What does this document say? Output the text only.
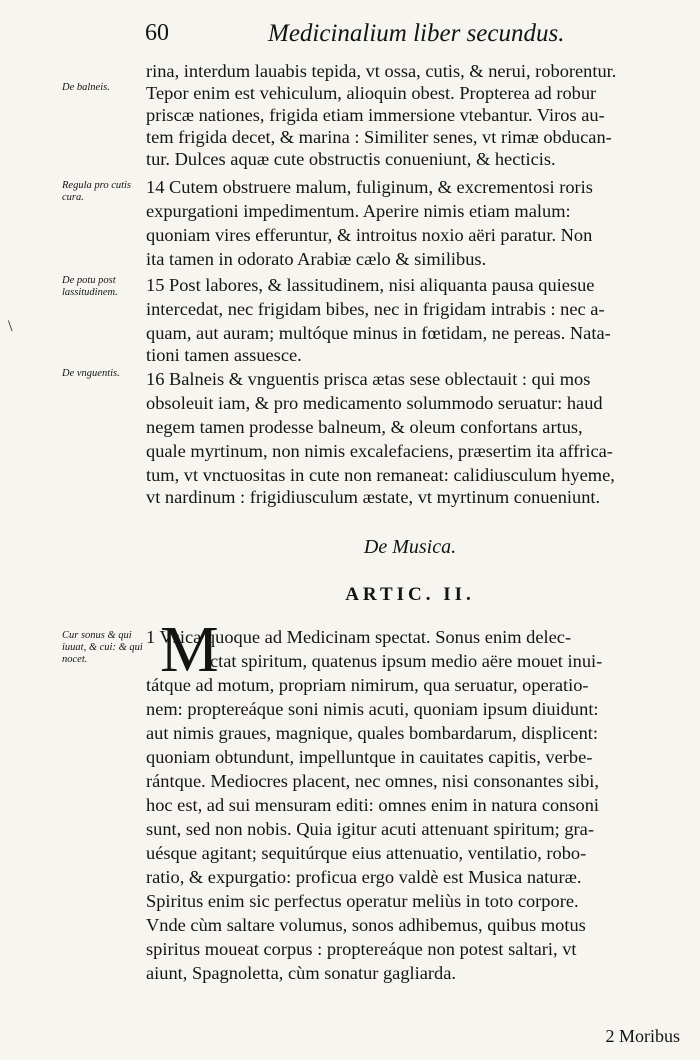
60	Medicinalium liber secundus.
\
De balneis.
Regula pro cutis cura.
De potu post lassitudinem.
De vnguentis.
Cur sonus & qui iuuat, & cui: & qui nocet.
rina, interdum lauabis tepida, vt ossa, cutis, & nerui, roborentur.
Tepor enim est vehiculum, alioquin obest. Propterea ad robur
priscæ nationes, frigida etiam immersione vtebantur. Viros au-
tem frigida decet, & marina : Similiter senes, vt rimæ obducan-
tur. Dulces aquæ cute obstructis conueniunt, & hecticis.
14 Cutem obstruere malum, fuliginum, & excrementosi roris
expurgationi impedimentum. Aperire nimis etiam malum:
quoniam vires efferuntur, & introitus noxio aëri paratur. Non
ita tamen in odorato Arabiæ cælo & similibus.
15 Post labores, & lassitudinem, nisi aliquanta pausa quiesue
intercedat, nec frigidam bibes, nec in frigidam intrabis : nec a-
quam, aut auram; multóque minus in fœtidam, ne pereas. Nata-
tioni tamen assuesce.
16 Balneis & vnguentis prisca ætas sese oblectauit : qui mos
obsoleuit iam, & pro medicamento solummodo seruatur: haud
negem tamen prodesse balneum, & oleum confortans artus,
quale myrtinum, non nimis excalefaciens, præsertim ita affrica-
tum, vt vnctuositas in cute non remaneat: calidiusculum hyeme,
vt nardinum : frigidiusculum æstate, vt myrtinum conueniunt.
De Musica.
ARTIC. II.
M
1 Vsica quoque ad Medicinam spectat. Sonus enim delec-
ctat spiritum, quatenus ipsum medio aëre mouet inui-
tátque ad motum, propriam nimirum, qua seruatur, operatio-
nem: proptereáque soni nimis acuti, quoniam ipsum diuidunt:
aut nimis graues, magnique, quales bombardarum, displicent:
quoniam obtundunt, impelluntque in cauitates capitis, verbe-
rántque. Mediocres placent, nec omnes, nisi consonantes sibi,
hoc est, ad sui mensuram editi: omnes enim in natura consoni
sunt, sed non nobis. Quia igitur acuti attenuant spiritum; gra-
uésque agitant; sequitúrque eius attenuatio, ventilatio, robo-
ratio, & expurgatio: proficua ergo valdè est Musica naturæ.
Spiritus enim sic perfectus operatur meliùs in toto corpore.
Vnde cùm saltare volumus, sonos adhibemus, quibus motus
spiritus moueat corpus : proptereáque non potest saltari, vt
aiunt, Spagnoletta, cùm sonatur gagliarda.
2 Moribus
